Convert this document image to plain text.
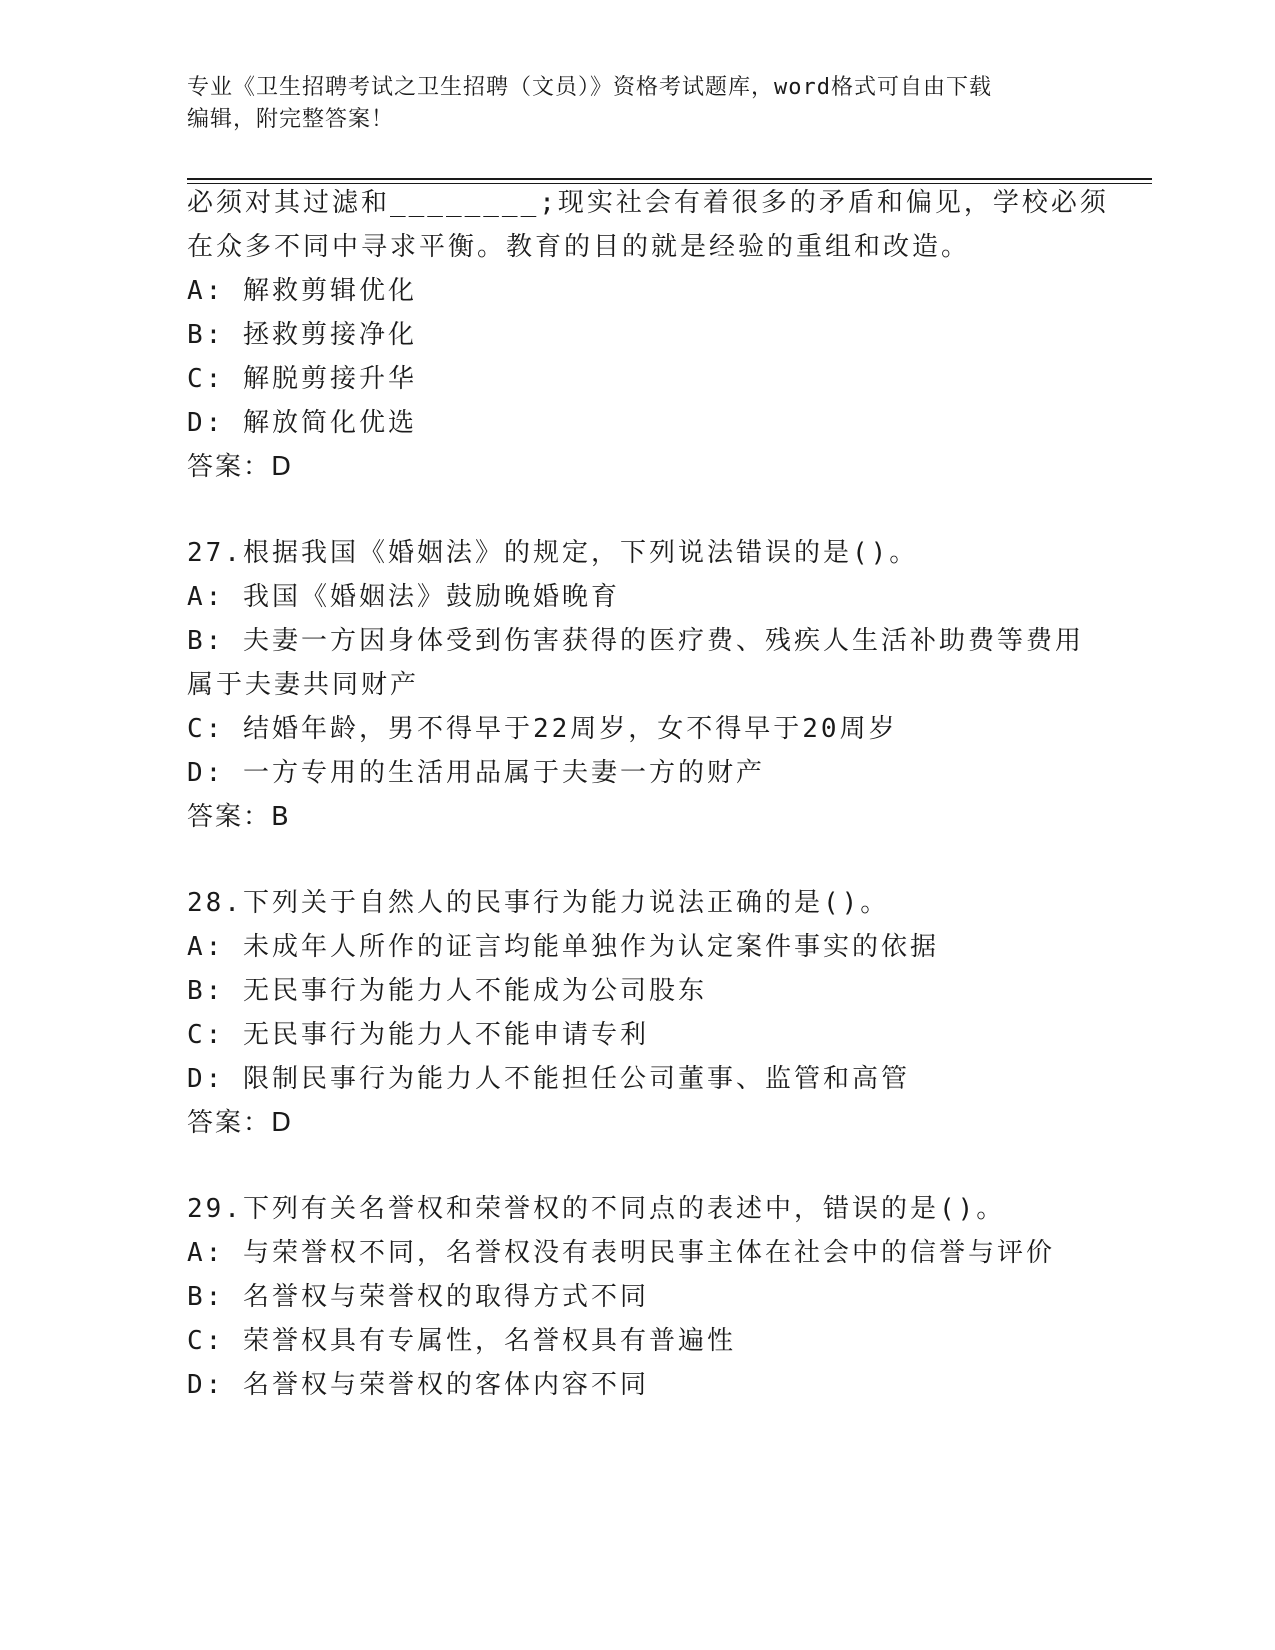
专业《卫生招聘考试之卫生招聘（文员）》资格考试题库，word格式可自由下载
编辑，附完整答案！
必须对其过滤和________;现实社会有着很多的矛盾和偏见，学校必须
在众多不同中寻求平衡。教育的目的就是经验的重组和改造。
A: 解救剪辑优化
B: 拯救剪接净化
C: 解脱剪接升华
D: 解放简化优选
答案：D
27.根据我国《婚姻法》的规定，下列说法错误的是()。
A: 我国《婚姻法》鼓励晚婚晚育
B: 夫妻一方因身体受到伤害获得的医疗费、残疾人生活补助费等费用
属于夫妻共同财产
C: 结婚年龄，男不得早于22周岁，女不得早于20周岁
D: 一方专用的生活用品属于夫妻一方的财产
答案：B
28.下列关于自然人的民事行为能力说法正确的是()。
A: 未成年人所作的证言均能单独作为认定案件事实的依据
B: 无民事行为能力人不能成为公司股东
C: 无民事行为能力人不能申请专利
D: 限制民事行为能力人不能担任公司董事、监管和高管
答案：D
29.下列有关名誉权和荣誉权的不同点的表述中，错误的是()。
A: 与荣誉权不同，名誉权没有表明民事主体在社会中的信誉与评价
B: 名誉权与荣誉权的取得方式不同
C: 荣誉权具有专属性，名誉权具有普遍性
D: 名誉权与荣誉权的客体内容不同
